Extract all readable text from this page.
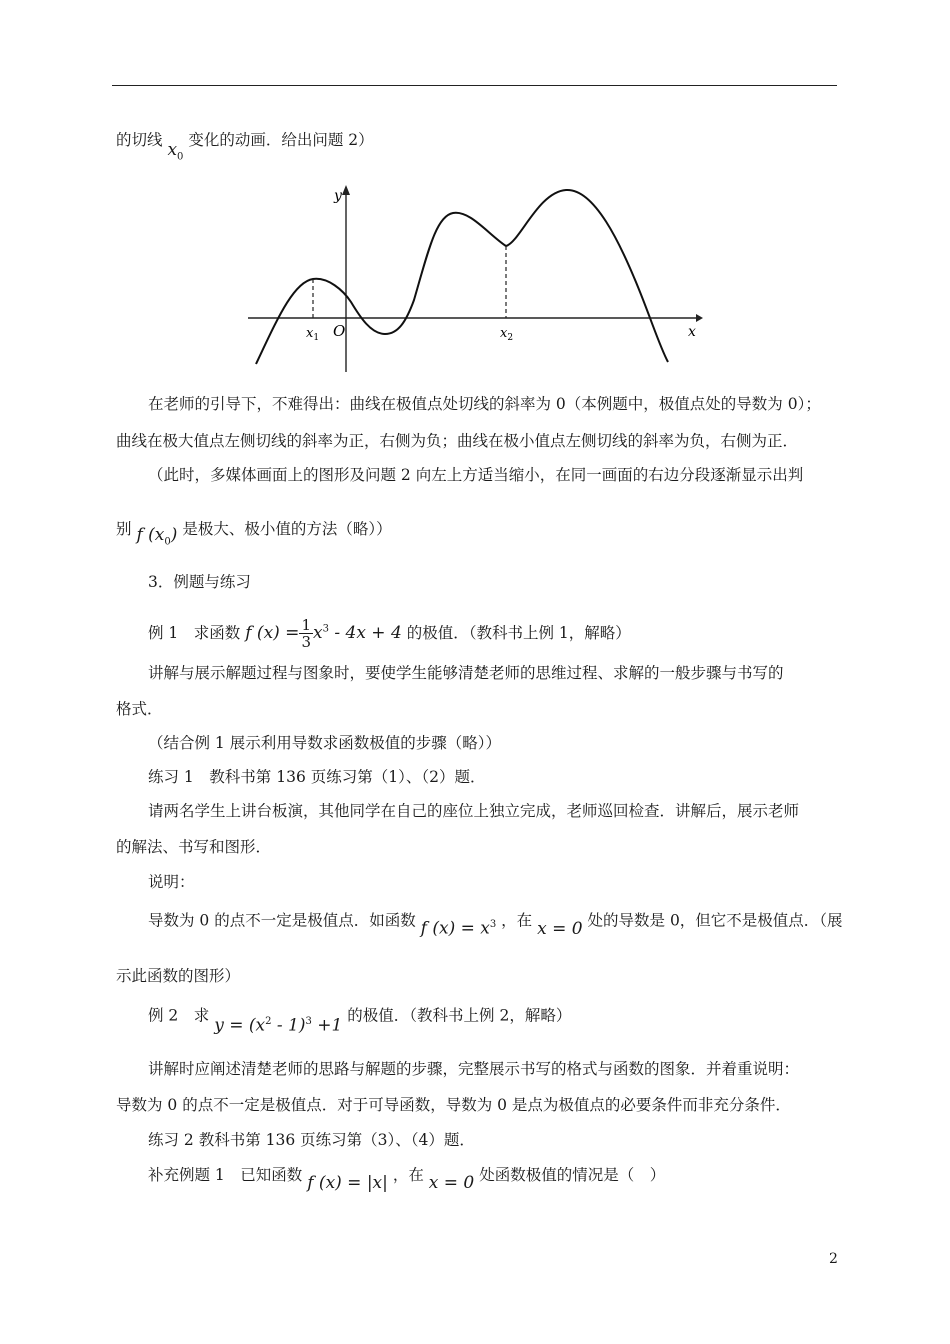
的切线 $x_0$ 变化的动画．给出问题 2）
y
x
O
$x_1$	$x_2$
在老师的引导下，不难得出：曲线在极值点处切线的斜率为 0（本例题中，极值点处的导数为 0）；
曲线在极大值点左侧切线的斜率为正，右侧为负；曲线在极小值点左侧切线的斜率为负，右侧为正．
（此时，多媒体画面上的图形及问题 2 向左上方适当缩小，在同一画面的右边分段逐渐显示出判
别 f $(x_0)$ 是极大、极小值的方法（略））
3．例题与练习
例 1　求函数 f $(x) = \frac{1}{3} x^3 - 4x + 4$ 的极值．（教科书上例 1，解略）
讲解与展示解题过程与图象时，要使学生能够清楚老师的思维过程、求解的一般步骤与书写的
格式．
（结合例 1 展示利用导数求函数极值的步骤（略））
练习 1　教科书第 136 页练习第（1）、（2）题．
请两名学生上讲台板演，其他同学在自己的座位上独立完成，老师巡回检查．讲解后，展示老师
的解法、书写和图形．
说明：
导数为 0 的点不一定是极值点．如函数 f $(x) = x^3$ ，在 x = 0 处的导数是 0，但它不是极值点．（展
示此函数的图形）
例 2　求 $y = (x^2 - 1)^3 +1$ 的极值．（教科书上例 2，解略）
讲解时应阐述清楚老师的思路与解题的步骤，完整展示书写的格式与函数的图象．并着重说明：
导数为 0 的点不一定是极值点．对于可导函数，导数为 0 是点为极值点的必要条件而非充分条件．
练习 2 教科书第 136 页练习第（3）、（4）题．
补充例题 1　已知函数 f (x) = |x| ，在 x = 0 处函数极值的情况是（　）
2
